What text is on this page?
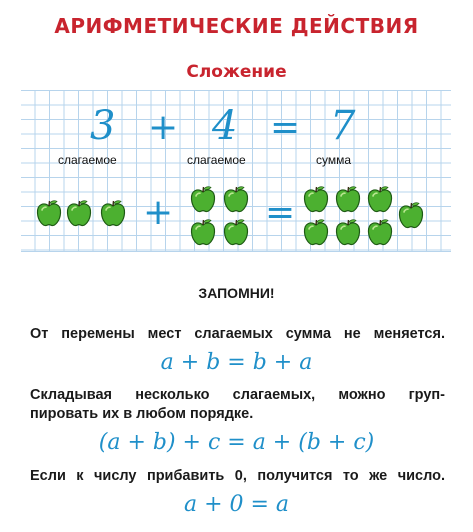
АРИФМЕТИЧЕСКИЕ ДЕЙСТВИЯ
Сложение
3 + 4 = 7
слагаемое	слагаемое	сумма
+	=
ЗАПОМНИ!
От перемены мест слагаемых сумма не меняется.
a + b = b + a
Складывая несколько слагаемых, можно груп-
пировать их в любом порядке.
(a + b) + c = a + (b + c)
Если к числу прибавить 0, получится то же число.
a + 0 = a
